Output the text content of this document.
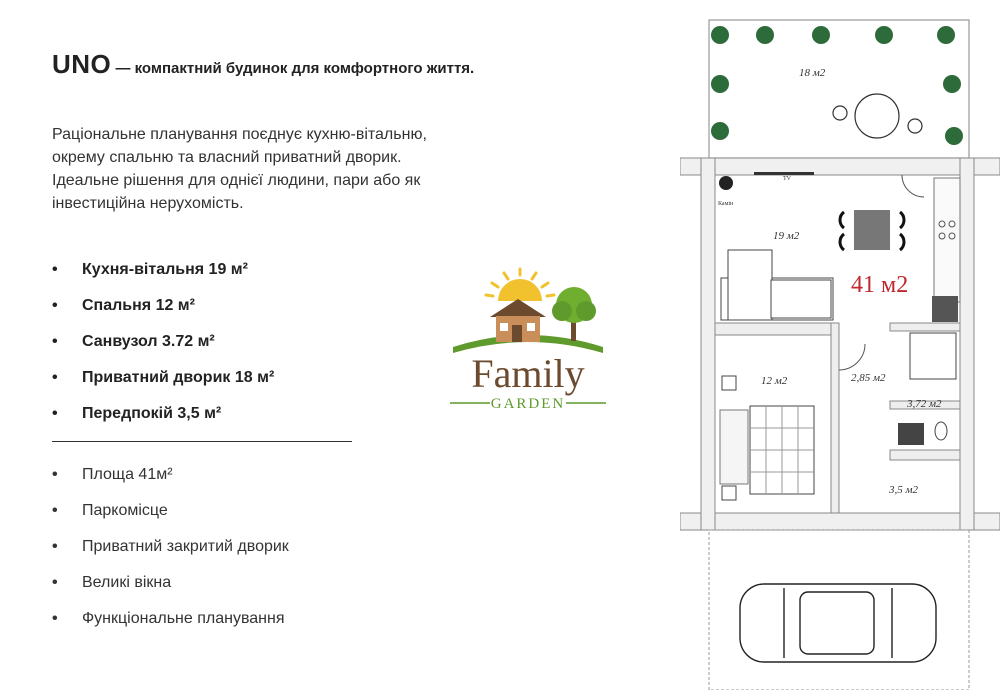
UNO — компактний будинок для комфортного життя.
Раціональне планування поєднує кухню-вітальню,
окрему спальню та власний приватний дворик.
Ідеальне рішення для однієї людини, пари або як
інвестиційна нерухомість.
• Кухня-вітальня 19 м²
• Спальня 12 м²
• Санвузол 3.72 м²
• Приватний дворик 18 м²
• Передпокій 3,5 м²
• Площа 41м²
• Паркомісце
• Приватний закритий дворик
• Великі вікна
• Функціональне планування
Family
GARDEN
18 м2
Камін
TV
19 м2
41 м2
12 м2	2,85 м2
3,72 м2
3,5 м2
